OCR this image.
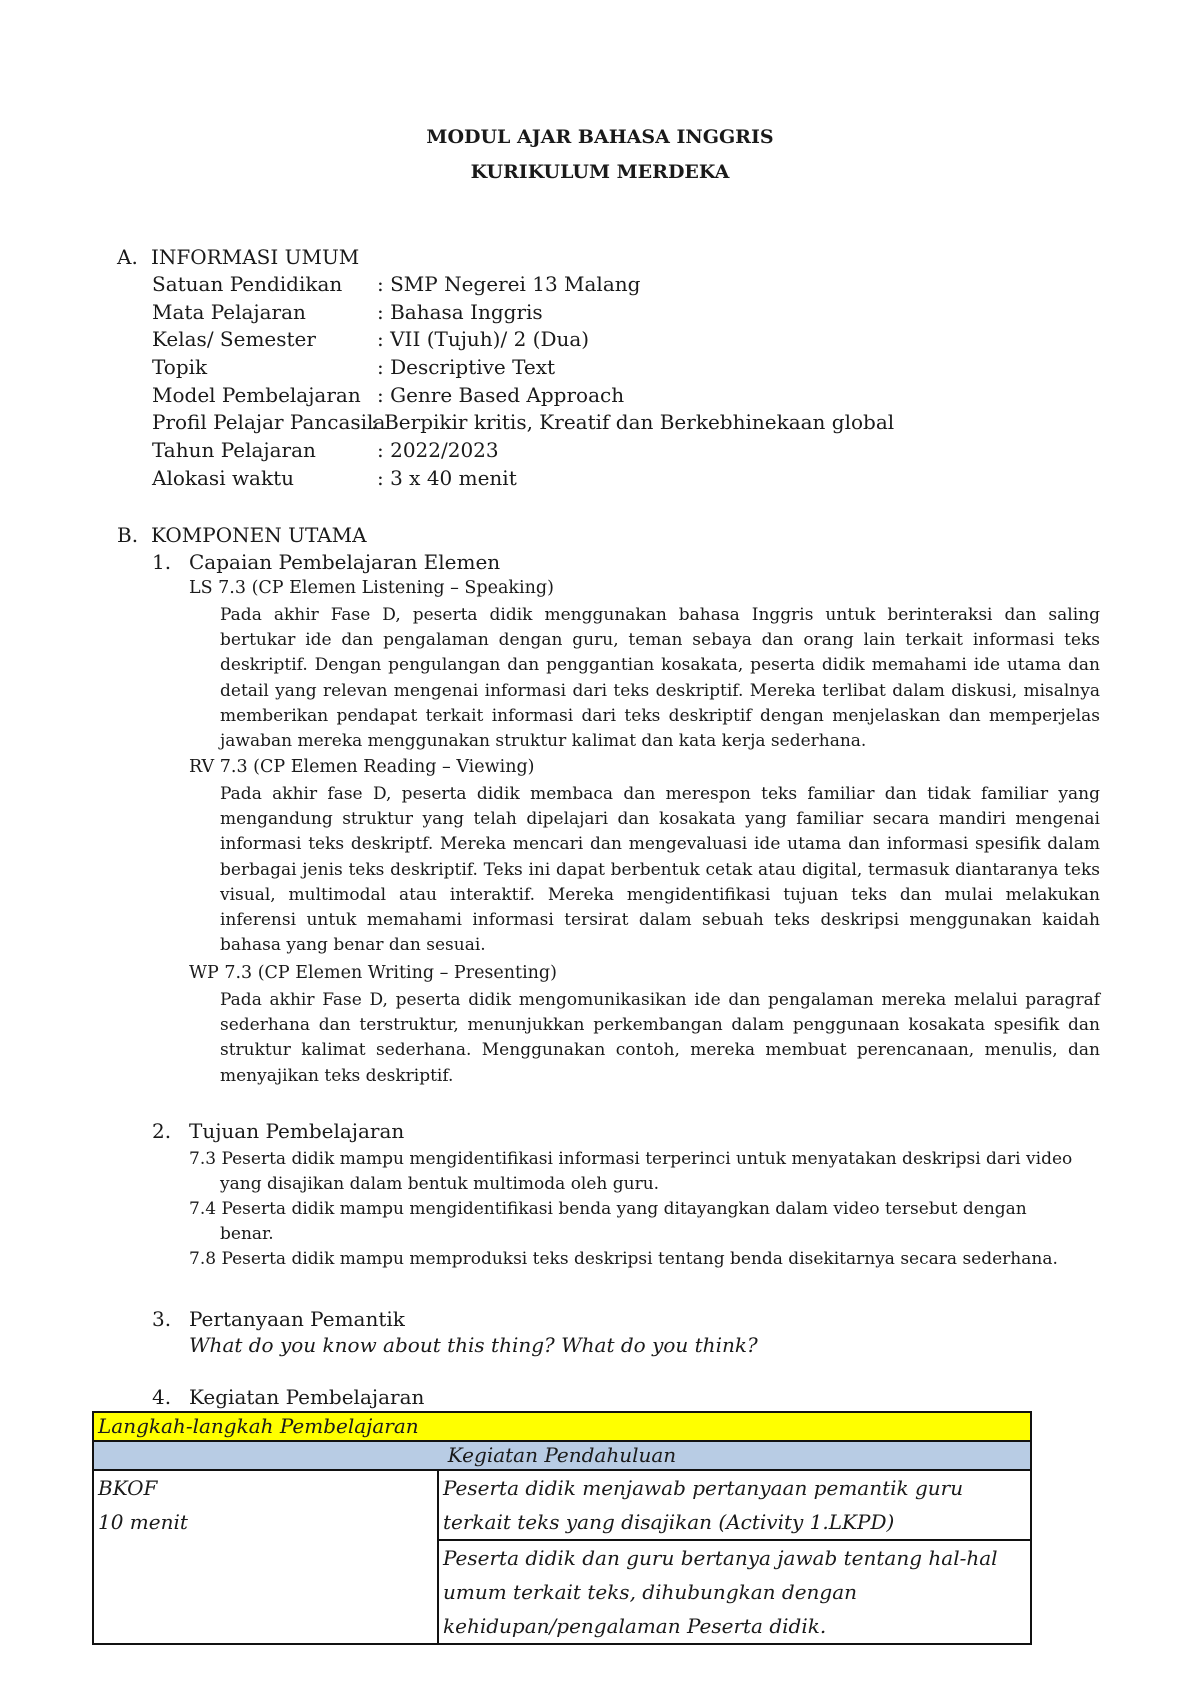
MODUL AJAR BAHASA INGGRIS
KURIKULUM MERDEKA
A. INFORMASI UMUM
Satuan Pendidikan : SMP Negerei 13 Malang
Mata Pelajaran	: Bahasa Inggris
Kelas/ Semester	: VII (Tujuh)/ 2 (Dua)
Topik	: Descriptive Text
Model Pembelajaran : Genre Based Approach
Profil Pelajar Pancasila: Berpikir kritis, Kreatif dan Berkebhinekaan global
Tahun Pelajaran	: 2022/2023
Alokasi waktu	: 3 x 40 menit
B. KOMPONEN UTAMA
1. Capaian Pembelajaran Elemen
LS 7.3 (CP Elemen Listening – Speaking)
Pada akhir Fase D, peserta didik menggunakan bahasa Inggris untuk berinteraksi dan saling bertukar ide dan pengalaman dengan guru, teman sebaya dan orang lain terkait informasi teks deskriptif. Dengan pengulangan dan penggantian kosakata, peserta didik memahami ide utama dan detail yang relevan mengenai informasi dari teks deskriptif. Mereka terlibat dalam diskusi, misalnya memberikan pendapat terkait informasi dari teks deskriptif dengan menjelaskan dan memperjelas jawaban mereka menggunakan struktur kalimat dan kata kerja sederhana.
RV 7.3 (CP Elemen Reading – Viewing)
Pada akhir fase D, peserta didik membaca dan merespon teks familiar dan tidak familiar yang mengandung struktur yang telah dipelajari dan kosakata yang familiar secara mandiri mengenai informasi teks deskriptf. Mereka mencari dan mengevaluasi ide utama dan informasi spesifik dalam berbagai jenis teks deskriptif. Teks ini dapat berbentuk cetak atau digital, termasuk diantaranya teks visual, multimodal atau interaktif. Mereka mengidentifikasi tujuan teks dan mulai melakukan inferensi untuk memahami informasi tersirat dalam sebuah teks deskripsi menggunakan kaidah bahasa yang benar dan sesuai.
WP 7.3 (CP Elemen Writing – Presenting)
Pada akhir Fase D, peserta didik mengomunikasikan ide dan pengalaman mereka melalui paragraf sederhana dan terstruktur, menunjukkan perkembangan dalam penggunaan kosakata spesifik dan struktur kalimat sederhana. Menggunakan contoh, mereka membuat perencanaan, menulis, dan menyajikan teks deskriptif.
2. Tujuan Pembelajaran
7.3 Peserta didik mampu mengidentifikasi informasi terperinci untuk menyatakan deskripsi dari video
yang disajikan dalam bentuk multimoda oleh guru.
7.4 Peserta didik mampu mengidentifikasi benda yang ditayangkan dalam video tersebut dengan
benar.
7.8 Peserta didik mampu memproduksi teks deskripsi tentang benda disekitarnya secara sederhana.
3. Pertanyaan Pemantik
What do you know about this thing? What do you think?
4. Kegiatan Pembelajaran
Langkah-langkah Pembelajaran
Kegiatan Pendahuluan

BKOF
10 menit
	Peserta didik menjawab pertanyaan pemantik guru terkait teks yang disajikan (Activity 1.LKPD)
Peserta didik dan guru bertanya jawab tentang hal-hal umum terkait teks, dihubungkan dengan kehidupan/pengalaman Peserta didik.
